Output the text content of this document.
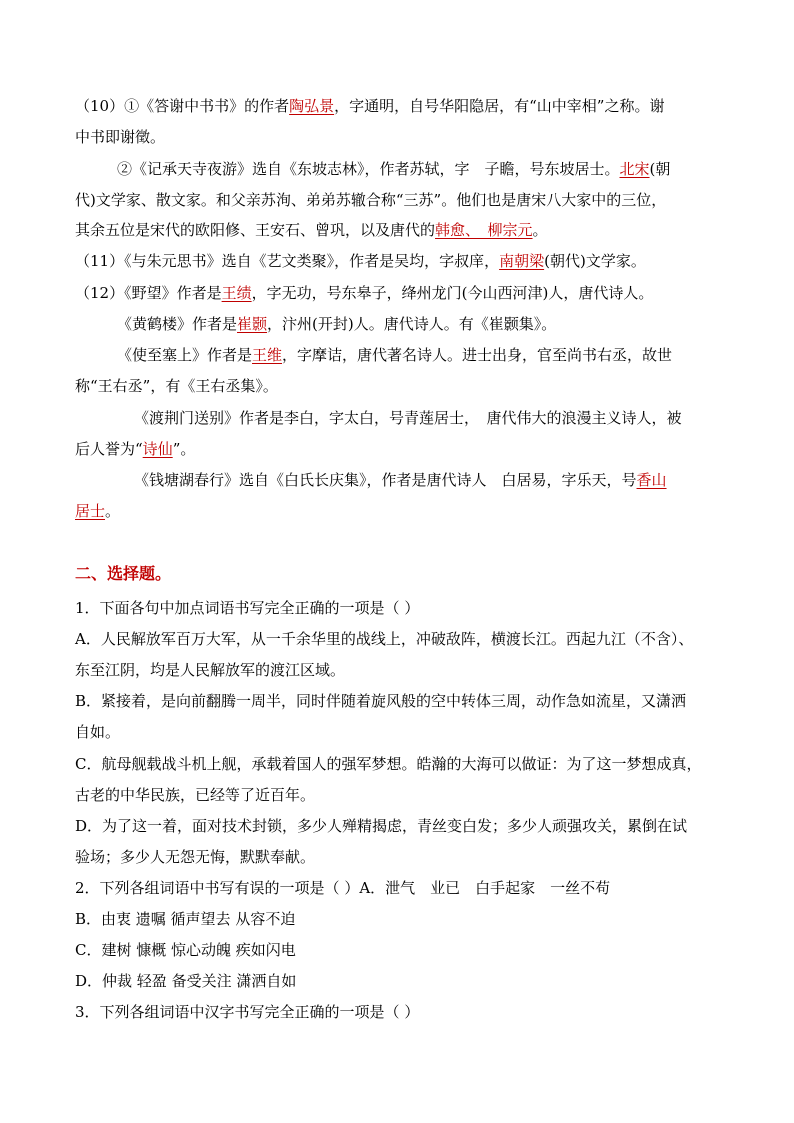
（10）①《答谢中书书》的作者陶弘景，字通明，自号华阳隐居，有“山中宰相”之称。谢
中书即谢徵。
②《记承天寺夜游》选自《东坡志林》，作者苏轼，字　子瞻，号东坡居士。北宋(朝
代)文学家、散文家。和父亲苏洵、弟弟苏辙合称“三苏”。他们也是唐宋八大家中的三位，
其余五位是宋代的欧阳修、王安石、曾巩，以及唐代的韩愈、　柳宗元。
（11）《与朱元思书》选自《艺文类聚》，作者是吴均，字叔庠，南朝梁(朝代)文学家。
（12）《野望》作者是王绩，字无功，号东皋子，绛州龙门(今山西河津)人，唐代诗人。
《黄鹤楼》作者是崔颢，汴州(开封)人。唐代诗人。有《崔颢集》。
《使至塞上》作者是王维，字摩诘，唐代著名诗人。进士出身，官至尚书右丞，故世
称“王右丞”，有《王右丞集》。
《渡荆门送别》作者是李白，字太白，号青莲居士，　唐代伟大的浪漫主义诗人，被
后人誉为“诗仙”。
《钱塘湖春行》选自《白氏长庆集》，作者是唐代诗人　白居易，字乐天，号香山
居士。
二、选择题。
1．下面各句中加点词语书写完全正确的一项是（ ）
A．人民解放军百万大军，从一千余华里的战线上，冲破敌阵，横渡长江。西起九江（不含）、
东至江阴，均是人民解放军的渡江区域。
B．紧接着，是向前翻腾一周半，同时伴随着旋风般的空中转体三周，动作急如流星，又潇洒
自如。
C．航母舰载战斗机上舰，承载着国人的强军梦想。皓瀚的大海可以做证：为了这一梦想成真，
古老的中华民族，已经等了近百年。
D．为了这一着，面对技术封锁，多少人殚精揭虑，青丝变白发；多少人顽强攻关，累倒在试
验场；多少人无怨无悔，默默奉献。
2．下列各组词语中书写有误的一项是（ ）A．泄气　业已　白手起家　一丝不苟
B．由衷 遗嘱 循声望去 从容不迫
C．建树 慷概 惊心动魄 疾如闪电
D．仲裁 轻盈 备受关注 潇洒自如
3．下列各组词语中汉字书写完全正确的一项是（ ）
